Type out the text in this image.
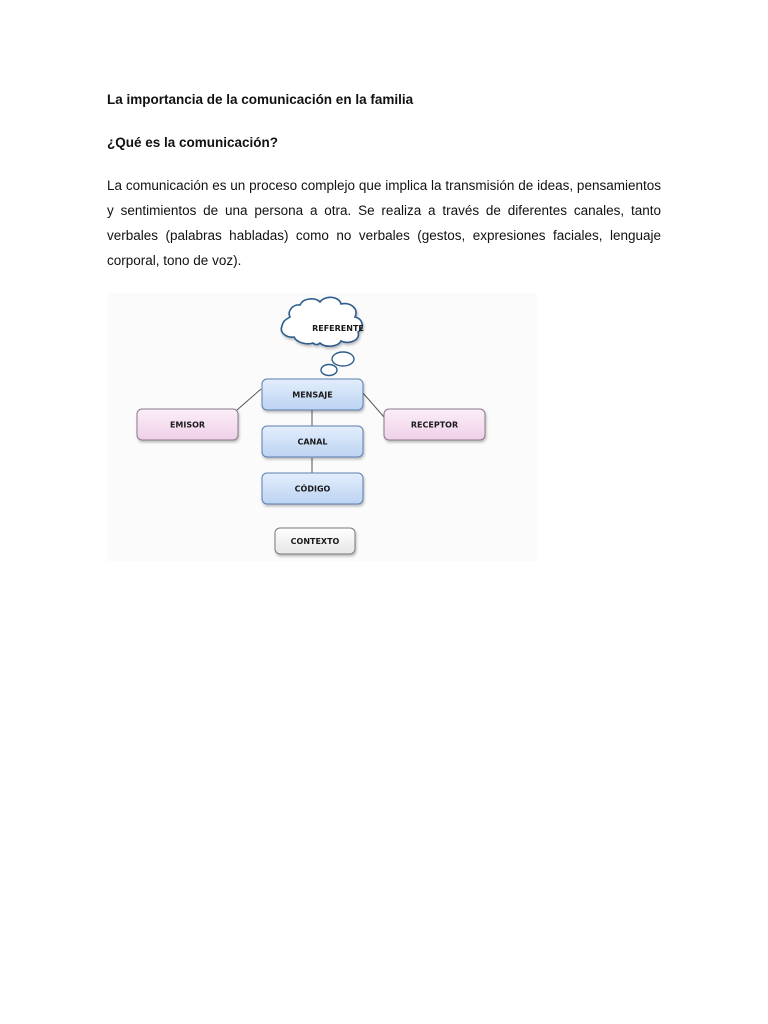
La importancia de la comunicación en la familia
¿Qué es la comunicación?

La comunicación es un proceso complejo que implica la transmisión de ideas, pensamientos y sentimientos de una persona a otra. Se realiza a través de diferentes canales, tanto verbales (palabras habladas) como no verbales (gestos, expresiones faciales, lenguaje corporal, tono de voz).

REFERENTE
MENSAJE
EMISOR	RECEPTOR
CANAL
CÓDIGO
CONTEXTO
